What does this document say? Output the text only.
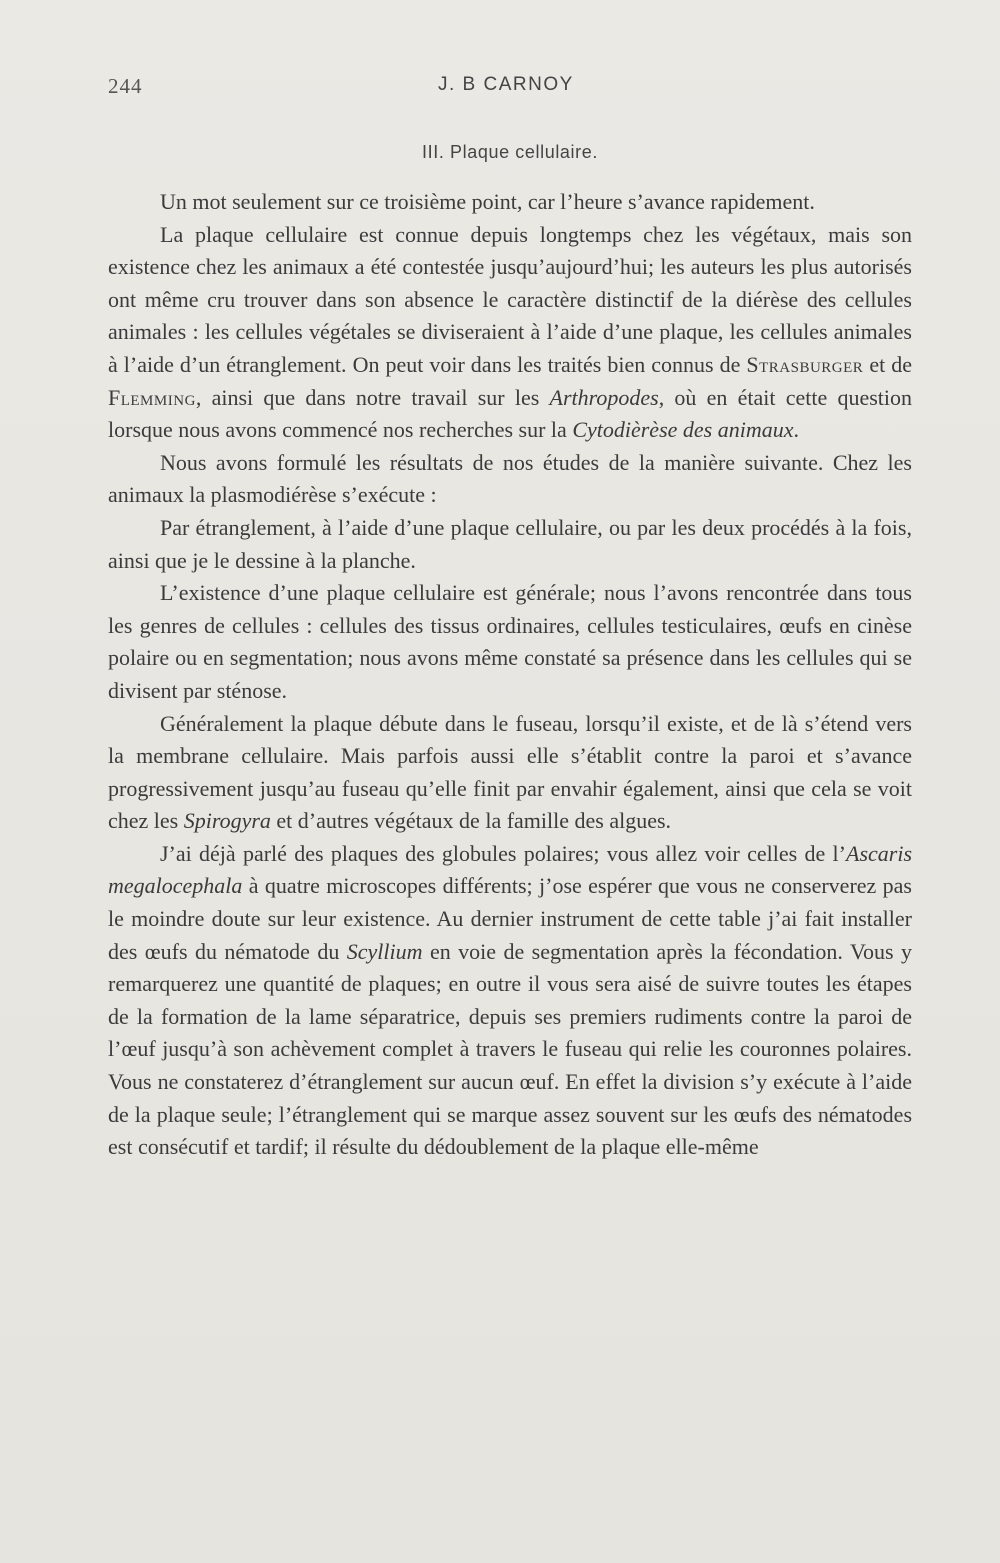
244	J. B CARNOY
III. Plaque cellulaire.

Un mot seulement sur ce troisième point, car l’heure s’avance rapidement.

La plaque cellulaire est connue depuis longtemps chez les végétaux, mais son existence chez les animaux a été contestée jusqu’aujourd’hui; les auteurs les plus autorisés ont même cru trouver dans son absence le caractère distinctif de la diérèse des cellules animales : les cellules végétales se diviseraient à l’aide d’une plaque, les cellules animales à l’aide d’un étranglement. On peut voir dans les traités bien connus de Strasburger et de Flemming, ainsi que dans notre travail sur les Arthropodes, où en était cette question lorsque nous avons commencé nos recherches sur la Cytodièrèse des animaux.

Nous avons formulé les résultats de nos études de la manière suivante. Chez les animaux la plasmodiérèse s’exécute :

Par étranglement, à l’aide d’une plaque cellulaire, ou par les deux procédés à la fois, ainsi que je le dessine à la planche.

L’existence d’une plaque cellulaire est générale; nous l’avons rencontrée dans tous les genres de cellules : cellules des tissus ordinaires, cellules testiculaires, œufs en cinèse polaire ou en segmentation; nous avons même constaté sa présence dans les cellules qui se divisent par sténose.

Généralement la plaque débute dans le fuseau, lorsqu’il existe, et de là s’étend vers la membrane cellulaire. Mais parfois aussi elle s’établit contre la paroi et s’avance progressivement jusqu’au fuseau qu’elle finit par envahir également, ainsi que cela se voit chez les Spirogyra et d’autres végétaux de la famille des algues.

J’ai déjà parlé des plaques des globules polaires; vous allez voir celles de l’Ascaris megalocephala à quatre microscopes différents; j’ose espérer que vous ne conserverez pas le moindre doute sur leur existence. Au dernier instrument de cette table j’ai fait installer des œufs du nématode du Scyllium en voie de segmentation après la fécondation. Vous y remarquerez une quantité de plaques; en outre il vous sera aisé de suivre toutes les étapes de la formation de la lame séparatrice, depuis ses premiers rudiments contre la paroi de l’œuf jusqu’à son achèvement complet à travers le fuseau qui relie les couronnes polaires. Vous ne constaterez d’étranglement sur aucun œuf. En effet la division s’y exécute à l’aide de la plaque seule; l’étranglement qui se marque assez souvent sur les œufs des nématodes est consécutif et tardif; il résulte du dédoublement de la plaque elle-même
